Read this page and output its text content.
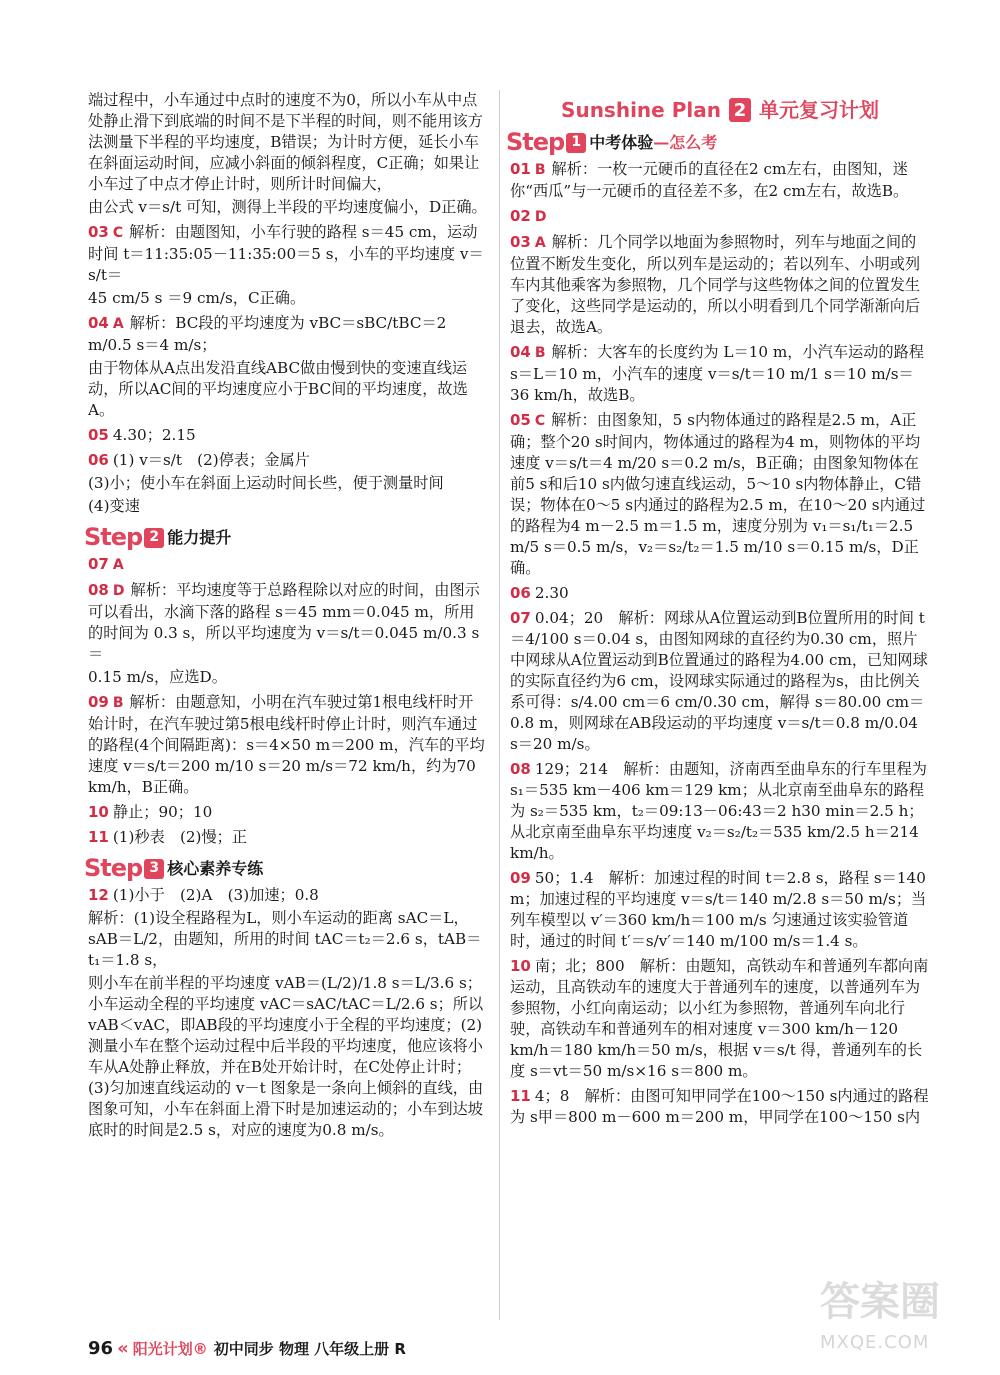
端过程中，小车通过中点时的速度不为0，所以小车从中点处静止滑下到底端的时间不是下半程的时间，则不能用该方法测量下半程的平均速度，B错误；为计时方便，延长小车在斜面运动时间，应减小斜面的倾斜程度，C正确；如果让小车过了中点才停止计时，则所计时间偏大，

由公式 v＝s/t 可知，测得上半段的平均速度偏小，D正确。

03 C 解析：由题图知，小车行驶的路程 s＝45 cm，运动时间 t＝11:35:05－11:35:00＝5 s，小车的平均速度 v＝s/t＝

45 cm/5 s ＝9 cm/s，C正确。

04 A 解析：BC段的平均速度为 vBC＝sBC/tBC＝2 m/0.5 s＝4 m/s；

由于物体从A点出发沿直线ABC做由慢到快的变速直线运动，所以AC间的平均速度应小于BC间的平均速度，故选A。

05 4.30；2.15

06 (1) v＝s/t　(2)停表；金属片

(3)小；使小车在斜面上运动时间长些，便于测量时间

(4)变速

Step 2 能力提升

07 A

08 D 解析：平均速度等于总路程除以对应的时间，由图示可以看出，水滴下落的路程 s＝45 mm＝0.045 m，所用的时间为 0.3 s，所以平均速度为 v＝s/t＝0.045 m/0.3 s＝

0.15 m/s，应选D。

09 B 解析：由题意知，小明在汽车驶过第1根电线杆时开始计时，在汽车驶过第5根电线杆时停止计时，则汽车通过的路程(4个间隔距离)：s＝4×50 m＝200 m，汽车的平均速度 v＝s/t＝200 m/10 s＝20 m/s＝72 km/h，约为70 km/h，B正确。

10 静止；90；10

11 (1)秒表　(2)慢；正

Step 3 核心素养专练

12 (1)小于　(2)A　(3)加速；0.8

解析：(1)设全程路程为L，则小车运动的距离 sAC＝L，sAB＝L/2，由题知，所用的时间 tAC＝t₂＝2.6 s，tAB＝t₁＝1.8 s，

则小车在前半程的平均速度 vAB＝(L/2)/1.8 s＝L/3.6 s；小车运动全程的平均速度 vAC＝sAC/tAC＝L/2.6 s；所以 vAB＜vAC，即AB段的平均速度小于全程的平均速度；(2)测量小车在整个运动过程中后半段的平均速度，他应该将小车从A处静止释放，并在B处开始计时，在C处停止计时；(3)匀加速直线运动的 v－t 图象是一条向上倾斜的直线，由图象可知，小车在斜面上滑下时是加速运动的；小车到达坡底时的时间是2.5 s，对应的速度为0.8 m/s。

Sunshine Plan 2 单元复习计划
Step 1 中考体验 —怎么考

01 B 解析：一枚一元硬币的直径在2 cm左右，由图知，迷你“西瓜”与一元硬币的直径差不多，在2 cm左右，故选B。

02 D

03 A 解析：几个同学以地面为参照物时，列车与地面之间的位置不断发生变化，所以列车是运动的；若以列车、小明或列车内其他乘客为参照物，几个同学与这些物体之间的位置发生了变化，这些同学是运动的，所以小明看到几个同学渐渐向后退去，故选A。

04 B 解析：大客车的长度约为 L＝10 m，小汽车运动的路程 s＝L＝10 m，小汽车的速度 v＝s/t＝10 m/1 s＝10 m/s＝36 km/h，故选B。

05 C 解析：由图象知，5 s内物体通过的路程是2.5 m，A正确；整个20 s时间内，物体通过的路程为4 m，则物体的平均速度 v＝s/t＝4 m/20 s＝0.2 m/s，B正确；由图象知物体在前5 s和后10 s内做匀速直线运动，5～10 s内物体静止，C错误；物体在0～5 s内通过的路程为2.5 m，在10～20 s内通过的路程为4 m－2.5 m＝1.5 m，速度分别为 v₁＝s₁/t₁＝2.5 m/5 s＝0.5 m/s，v₂＝s₂/t₂＝1.5 m/10 s＝0.15 m/s，D正确。

06 2.30

07 0.04；20　解析：网球从A位置运动到B位置所用的时间 t＝4/100 s＝0.04 s，由图知网球的直径约为0.30 cm，照片中网球从A位置运动到B位置通过的路程为4.00 cm，已知网球的实际直径约为6 cm，设网球实际通过的路程为s，由比例关系可得：s/4.00 cm＝6 cm/0.30 cm，解得 s＝80.00 cm＝0.8 m，则网球在AB段运动的平均速度 v＝s/t＝0.8 m/0.04 s＝20 m/s。

08 129；214　解析：由题知，济南西至曲阜东的行车里程为 s₁＝535 km－406 km＝129 km；从北京南至曲阜东的路程为 s₂＝535 km，t₂＝09:13－06:43＝2 h30 min＝2.5 h；从北京南至曲阜东平均速度 v₂＝s₂/t₂＝535 km/2.5 h＝214 km/h。

09 50；1.4　解析：加速过程的时间 t＝2.8 s，路程 s＝140 m；加速过程的平均速度 v＝s/t＝140 m/2.8 s＝50 m/s；当列车模型以 v′＝360 km/h＝100 m/s 匀速通过该实验管道时，通过的时间 t′＝s/v′＝140 m/100 m/s＝1.4 s。

10 南；北；800　解析：由题知，高铁动车和普通列车都向南运动，且高铁动车的速度大于普通列车的速度，以普通列车为参照物，小红向南运动；以小红为参照物，普通列车向北行驶，高铁动车和普通列车的相对速度 v＝300 km/h－120 km/h＝180 km/h＝50 m/s，根据 v＝s/t 得，普通列车的长度 s＝vt＝50 m/s×16 s＝800 m。

11 4；8　解析：由图可知甲同学在100～150 s内通过的路程为 s甲＝800 m－600 m＝200 m，甲同学在100～150 s内

96 « 阳光计划® 初中同步 物理 八年级上册 R
答案圈
MXQE.COM
